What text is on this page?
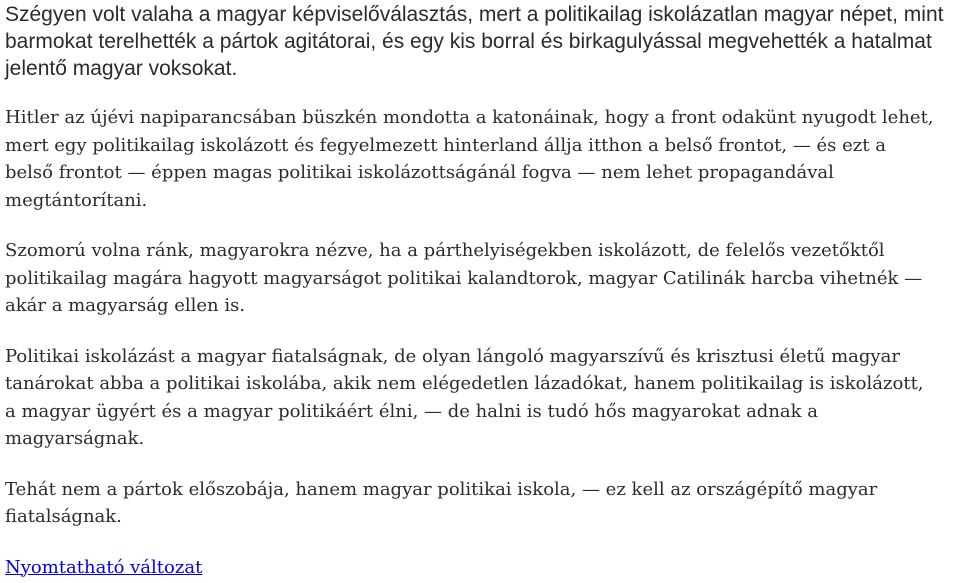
Szégyen volt valaha a magyar képviselőválasztás, mert a politikailag iskolázatlan magyar népet, mint
barmokat terelhették a pártok agitátorai, és egy kis borral és birkagulyással megvehették a hatalmat
jelentő magyar voksokat.

Hitler az újévi napiparancsában büszkén mondotta a katonáinak, hogy a front odakünt nyugodt lehet,
mert egy politikailag iskolázott és fegyelmezett hinterland állja itthon a belső frontot, — és ezt a
belső frontot — éppen magas politikai iskolázottságánál fogva — nem lehet propagandával
megtántorítani.

Szomorú volna ránk, magyarokra nézve, ha a párthelyiségekben iskolázott, de felelős vezetőktől
politikailag magára hagyott magyarságot politikai kalandtorok, magyar Catilinák harcba vihetnék —
akár a magyarság ellen is.

Politikai iskolázást a magyar fiatalságnak, de olyan lángoló magyarszívű és krisztusi életű magyar
tanárokat abba a politikai iskolába, akik nem elégedetlen lázadókat, hanem politikailag is iskolázott,
a magyar ügyért és a magyar politikáért élni, — de halni is tudó hős magyarokat adnak a
magyarságnak.

Tehát nem a pártok előszobája, hanem magyar politikai iskola, — ez kell az országépítő magyar
fiatalságnak.

Nyomtatható változat
